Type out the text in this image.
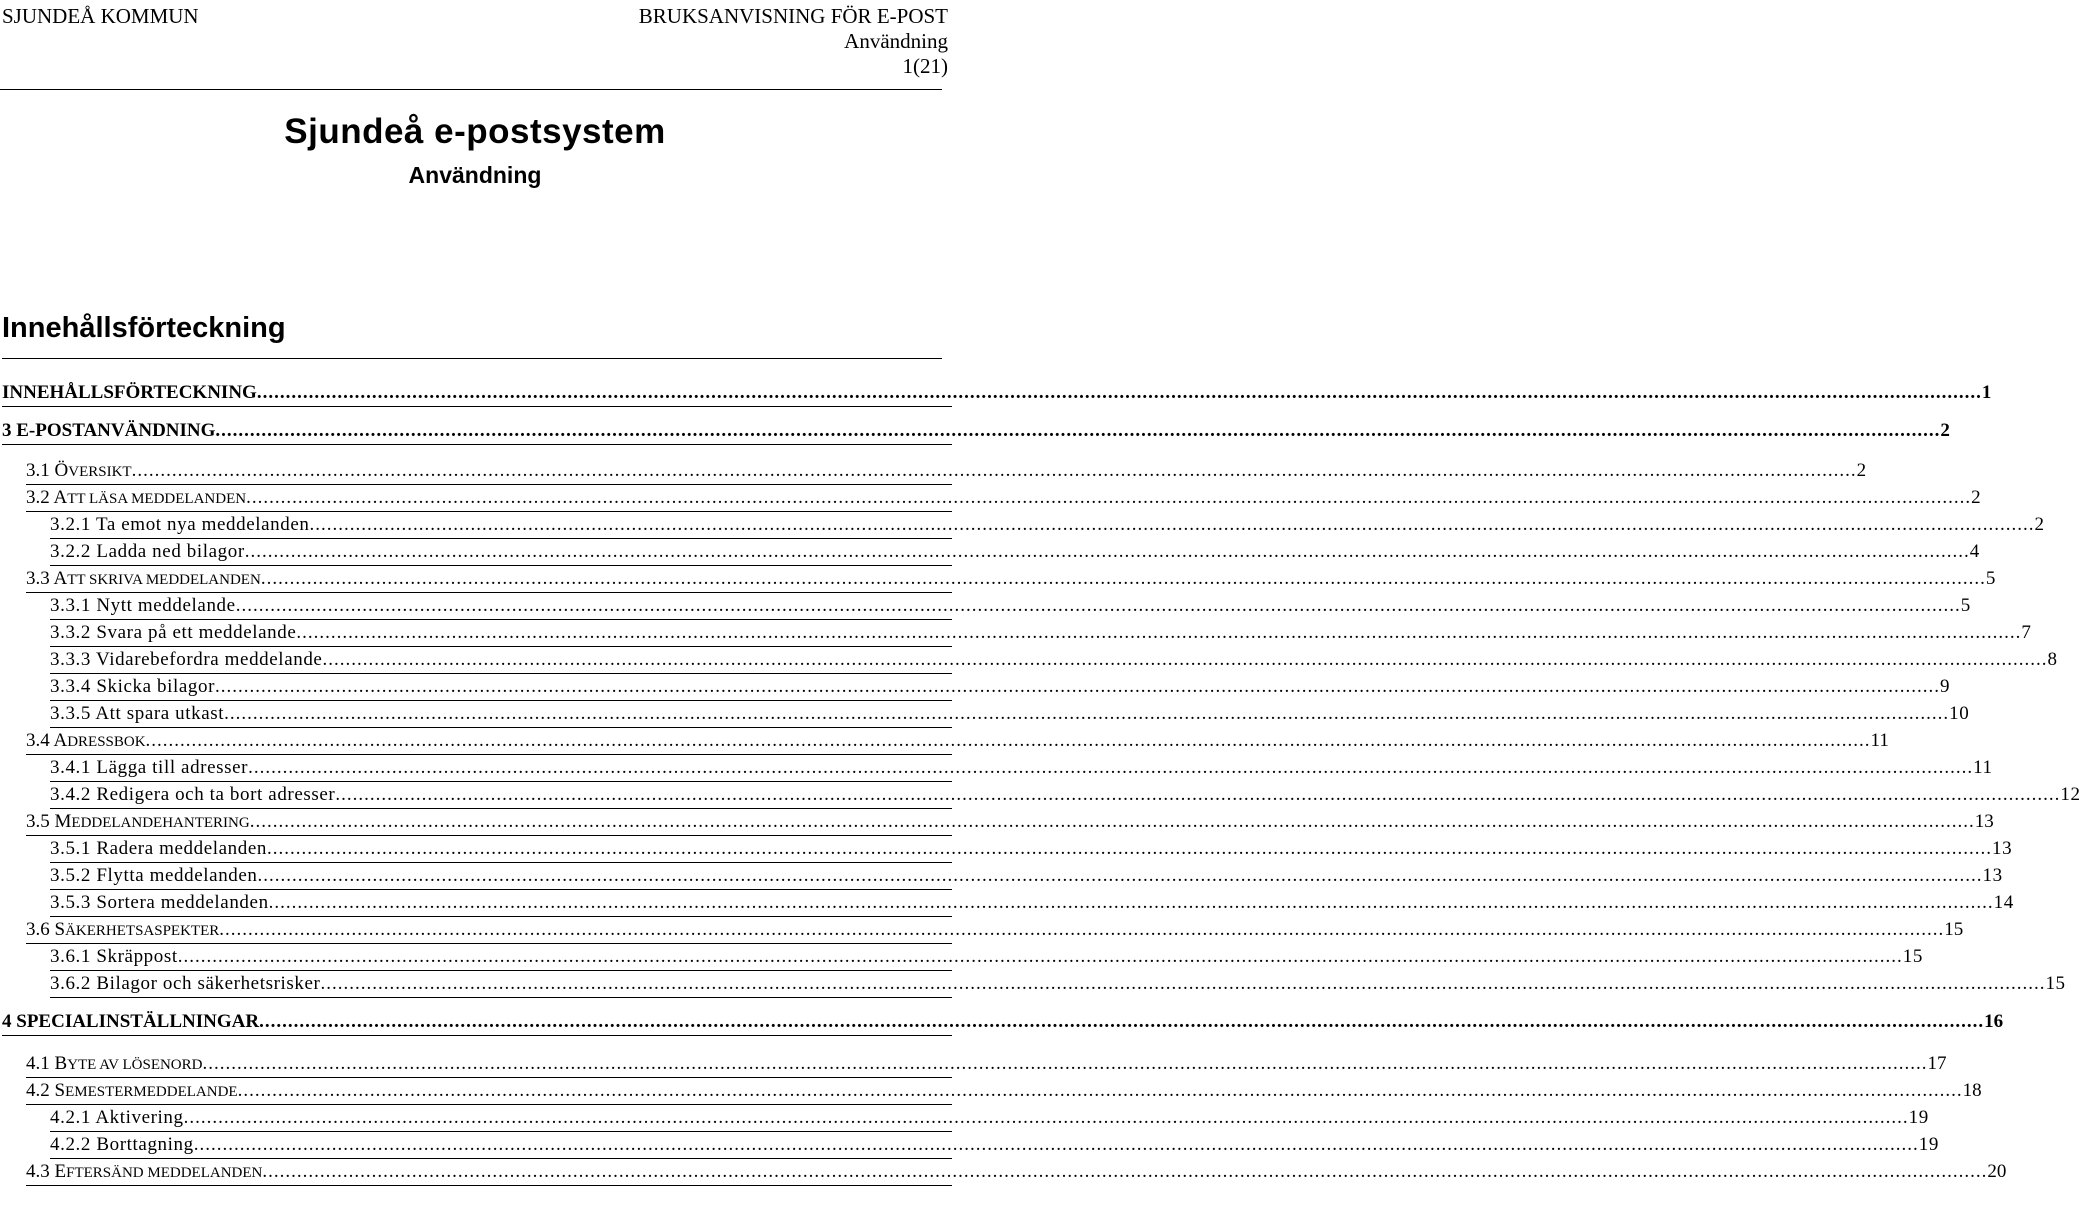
SJUNDEÅ KOMMUN	BRUKSANVISNING FÖR E-POST
Användning
1(21)
Sjundeå e-postsystem
Användning
Innehållsförteckning
INNEHÅLLSFÖRTECKNING ............................................................................................................................................................................................................................................................................................................ 1
3 E-POSTANVÄNDNING ............................................................................................................................................................................................................................................................................................................ 2
3.1 ÖVERSIKT ............................................................................................................................................................................................................................................................................................................ 2
3.2 ATT LÄSA MEDDELANDEN ............................................................................................................................................................................................................................................................................................................ 2
3.2.1 Ta emot nya meddelanden ............................................................................................................................................................................................................................................................................................................ 2
3.2.2 Ladda ned bilagor ............................................................................................................................................................................................................................................................................................................ 4
3.3 ATT SKRIVA MEDDELANDEN ............................................................................................................................................................................................................................................................................................................ 5
3.3.1 Nytt meddelande ............................................................................................................................................................................................................................................................................................................ 5
3.3.2 Svara på ett meddelande ............................................................................................................................................................................................................................................................................................................ 7
3.3.3 Vidarebefordra meddelande ............................................................................................................................................................................................................................................................................................................ 8
3.3.4 Skicka bilagor ............................................................................................................................................................................................................................................................................................................ 9
3.3.5 Att spara utkast ............................................................................................................................................................................................................................................................................................................ 10
3.4 ADRESSBOK ............................................................................................................................................................................................................................................................................................................ 11
3.4.1 Lägga till adresser ............................................................................................................................................................................................................................................................................................................ 11
3.4.2 Redigera och ta bort adresser ............................................................................................................................................................................................................................................................................................................ 12
3.5 MEDDELANDEHANTERING ............................................................................................................................................................................................................................................................................................................ 13
3.5.1 Radera meddelanden ............................................................................................................................................................................................................................................................................................................ 13
3.5.2 Flytta meddelanden ............................................................................................................................................................................................................................................................................................................ 13
3.5.3 Sortera meddelanden ............................................................................................................................................................................................................................................................................................................ 14
3.6 SÄKERHETSASPEKTER ............................................................................................................................................................................................................................................................................................................ 15
3.6.1 Skräppost ............................................................................................................................................................................................................................................................................................................ 15
3.6.2 Bilagor och säkerhetsrisker ............................................................................................................................................................................................................................................................................................................ 15
4 SPECIALINSTÄLLNINGAR ............................................................................................................................................................................................................................................................................................................ 16
4.1 BYTE AV LÖSENORD ............................................................................................................................................................................................................................................................................................................ 17
4.2 SEMESTERMEDDELANDE ............................................................................................................................................................................................................................................................................................................ 18
4.2.1 Aktivering ............................................................................................................................................................................................................................................................................................................ 19
4.2.2 Borttagning ............................................................................................................................................................................................................................................................................................................ 19
4.3 EFTERSÄND MEDDELANDEN ............................................................................................................................................................................................................................................................................................................ 20
